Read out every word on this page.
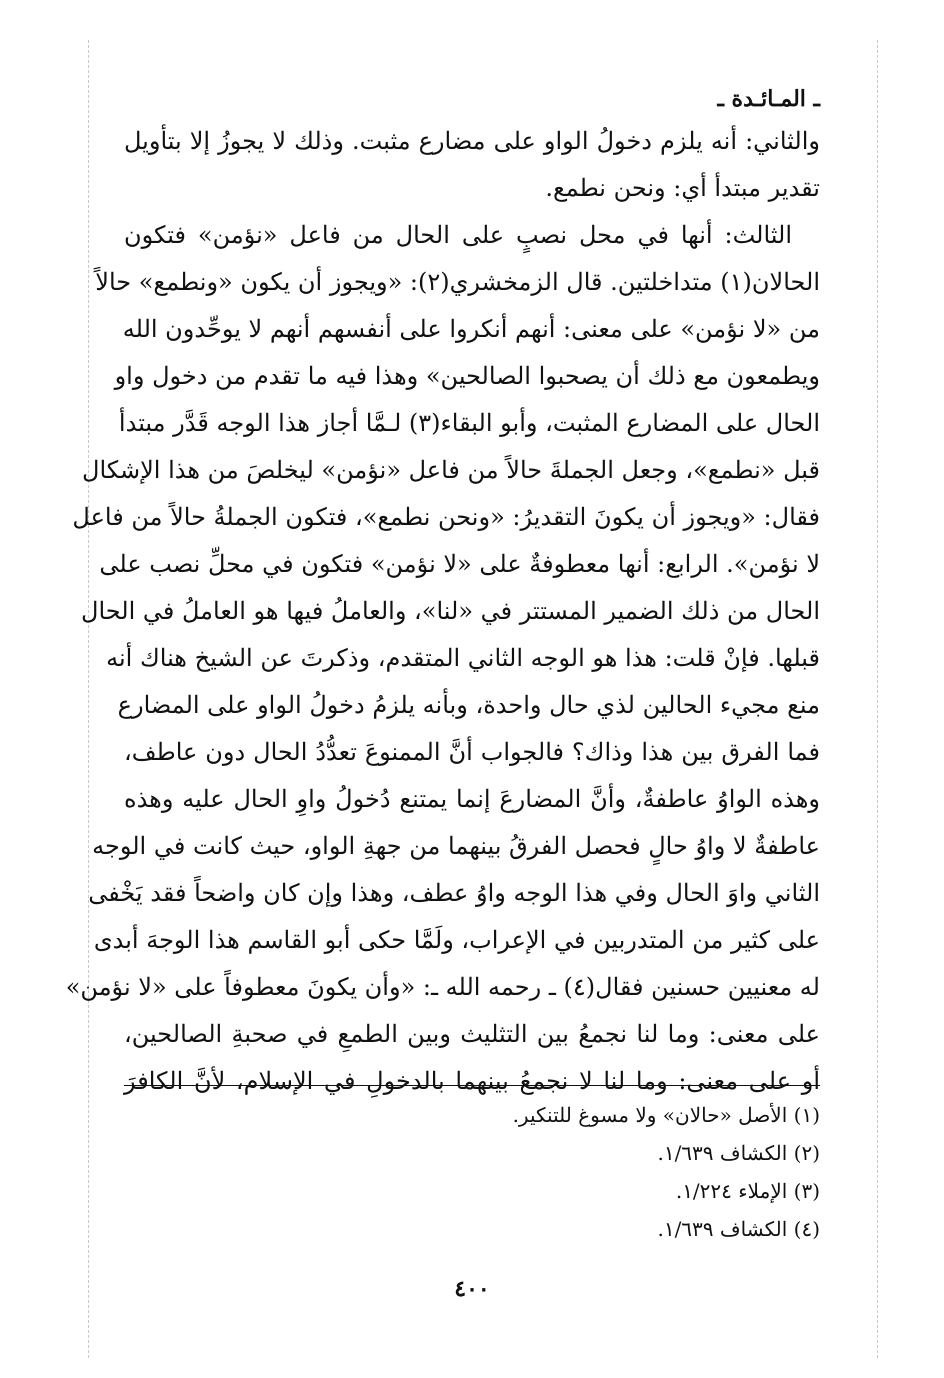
ـ المـائـدة ـ
والثاني: أنه يلزم دخولُ الواو على مضارع مثبت. وذلك لا يجوزُ إلا بتأويل
تقدير مبتدأ أي: ونحن نطمع.
الثالث: أنها في محل نصبٍ على الحال من فاعل «نؤمن» فتكون
الحالان(١) متداخلتين. قال الزمخشري(٢): «ويجوز أن يكون «ونطمع» حالاً
من «لا نؤمن» على معنى: أنهم أنكروا على أنفسهم أنهم لا يوحِّدون الله
ويطمعون مع ذلك أن يصحبوا الصالحين» وهذا فيه ما تقدم من دخول واو
الحال على المضارع المثبت، وأبو البقاء(٣) لـمَّا أجاز هذا الوجه قَدَّر مبتدأ
قبل «نطمع»، وجعل الجملةَ حالاً من فاعل «نؤمن» ليخلصَ من هذا الإشكال
فقال: «ويجوز أن يكونَ التقديرُ: «ونحن نطمع»، فتكون الجملةُ حالاً من فاعل
لا نؤمن». الرابع: أنها معطوفةٌ على «لا نؤمن» فتكون في محلِّ نصب على
الحال من ذلك الضمير المستتر في «لنا»، والعاملُ فيها هو العاملُ في الحال
قبلها. فإنْ قلت: هذا هو الوجه الثاني المتقدم، وذكرتَ عن الشيخ هناك أنه
منع مجيء الحالين لذي حال واحدة، وبأنه يلزمُ دخولُ الواو على المضارع
فما الفرق بين هذا وذاك؟ فالجواب أنَّ الممنوعَ تعدُّدُ الحال دون عاطف،
وهذه الواوُ عاطفةٌ، وأنَّ المضارعَ إنما يمتنع دُخولُ واوِ الحال عليه وهذه
عاطفةٌ لا واوُ حالٍ فحصل الفرقُ بينهما من جهةِ الواو، حيث كانت في الوجه
الثاني واوَ الحال وفي هذا الوجه واوُ عطف، وهذا وإن كان واضحاً فقد يَخْفى
على كثير من المتدربين في الإعراب، ولَمَّا حكى أبو القاسم هذا الوجهَ أبدى
له معنيين حسنين فقال(٤) ـ رحمه الله ـ: «وأن يكونَ معطوفاً على «لا نؤمن»
على معنى: وما لنا نجمعُ بين التثليث وبين الطمعِ في صحبةِ الصالحين،
أو على معنى: وما لنا لا نجمعُ بينهما بالدخولِ في الإسلام، لأنَّ الكافرَ
(١) الأصل «حالان» ولا مسوغ للتنكير.
(٢) الكشاف ١/٦٣٩.
(٣) الإملاء ١/٢٢٤.
(٤) الكشاف ١/٦٣٩.
٤٠٠
